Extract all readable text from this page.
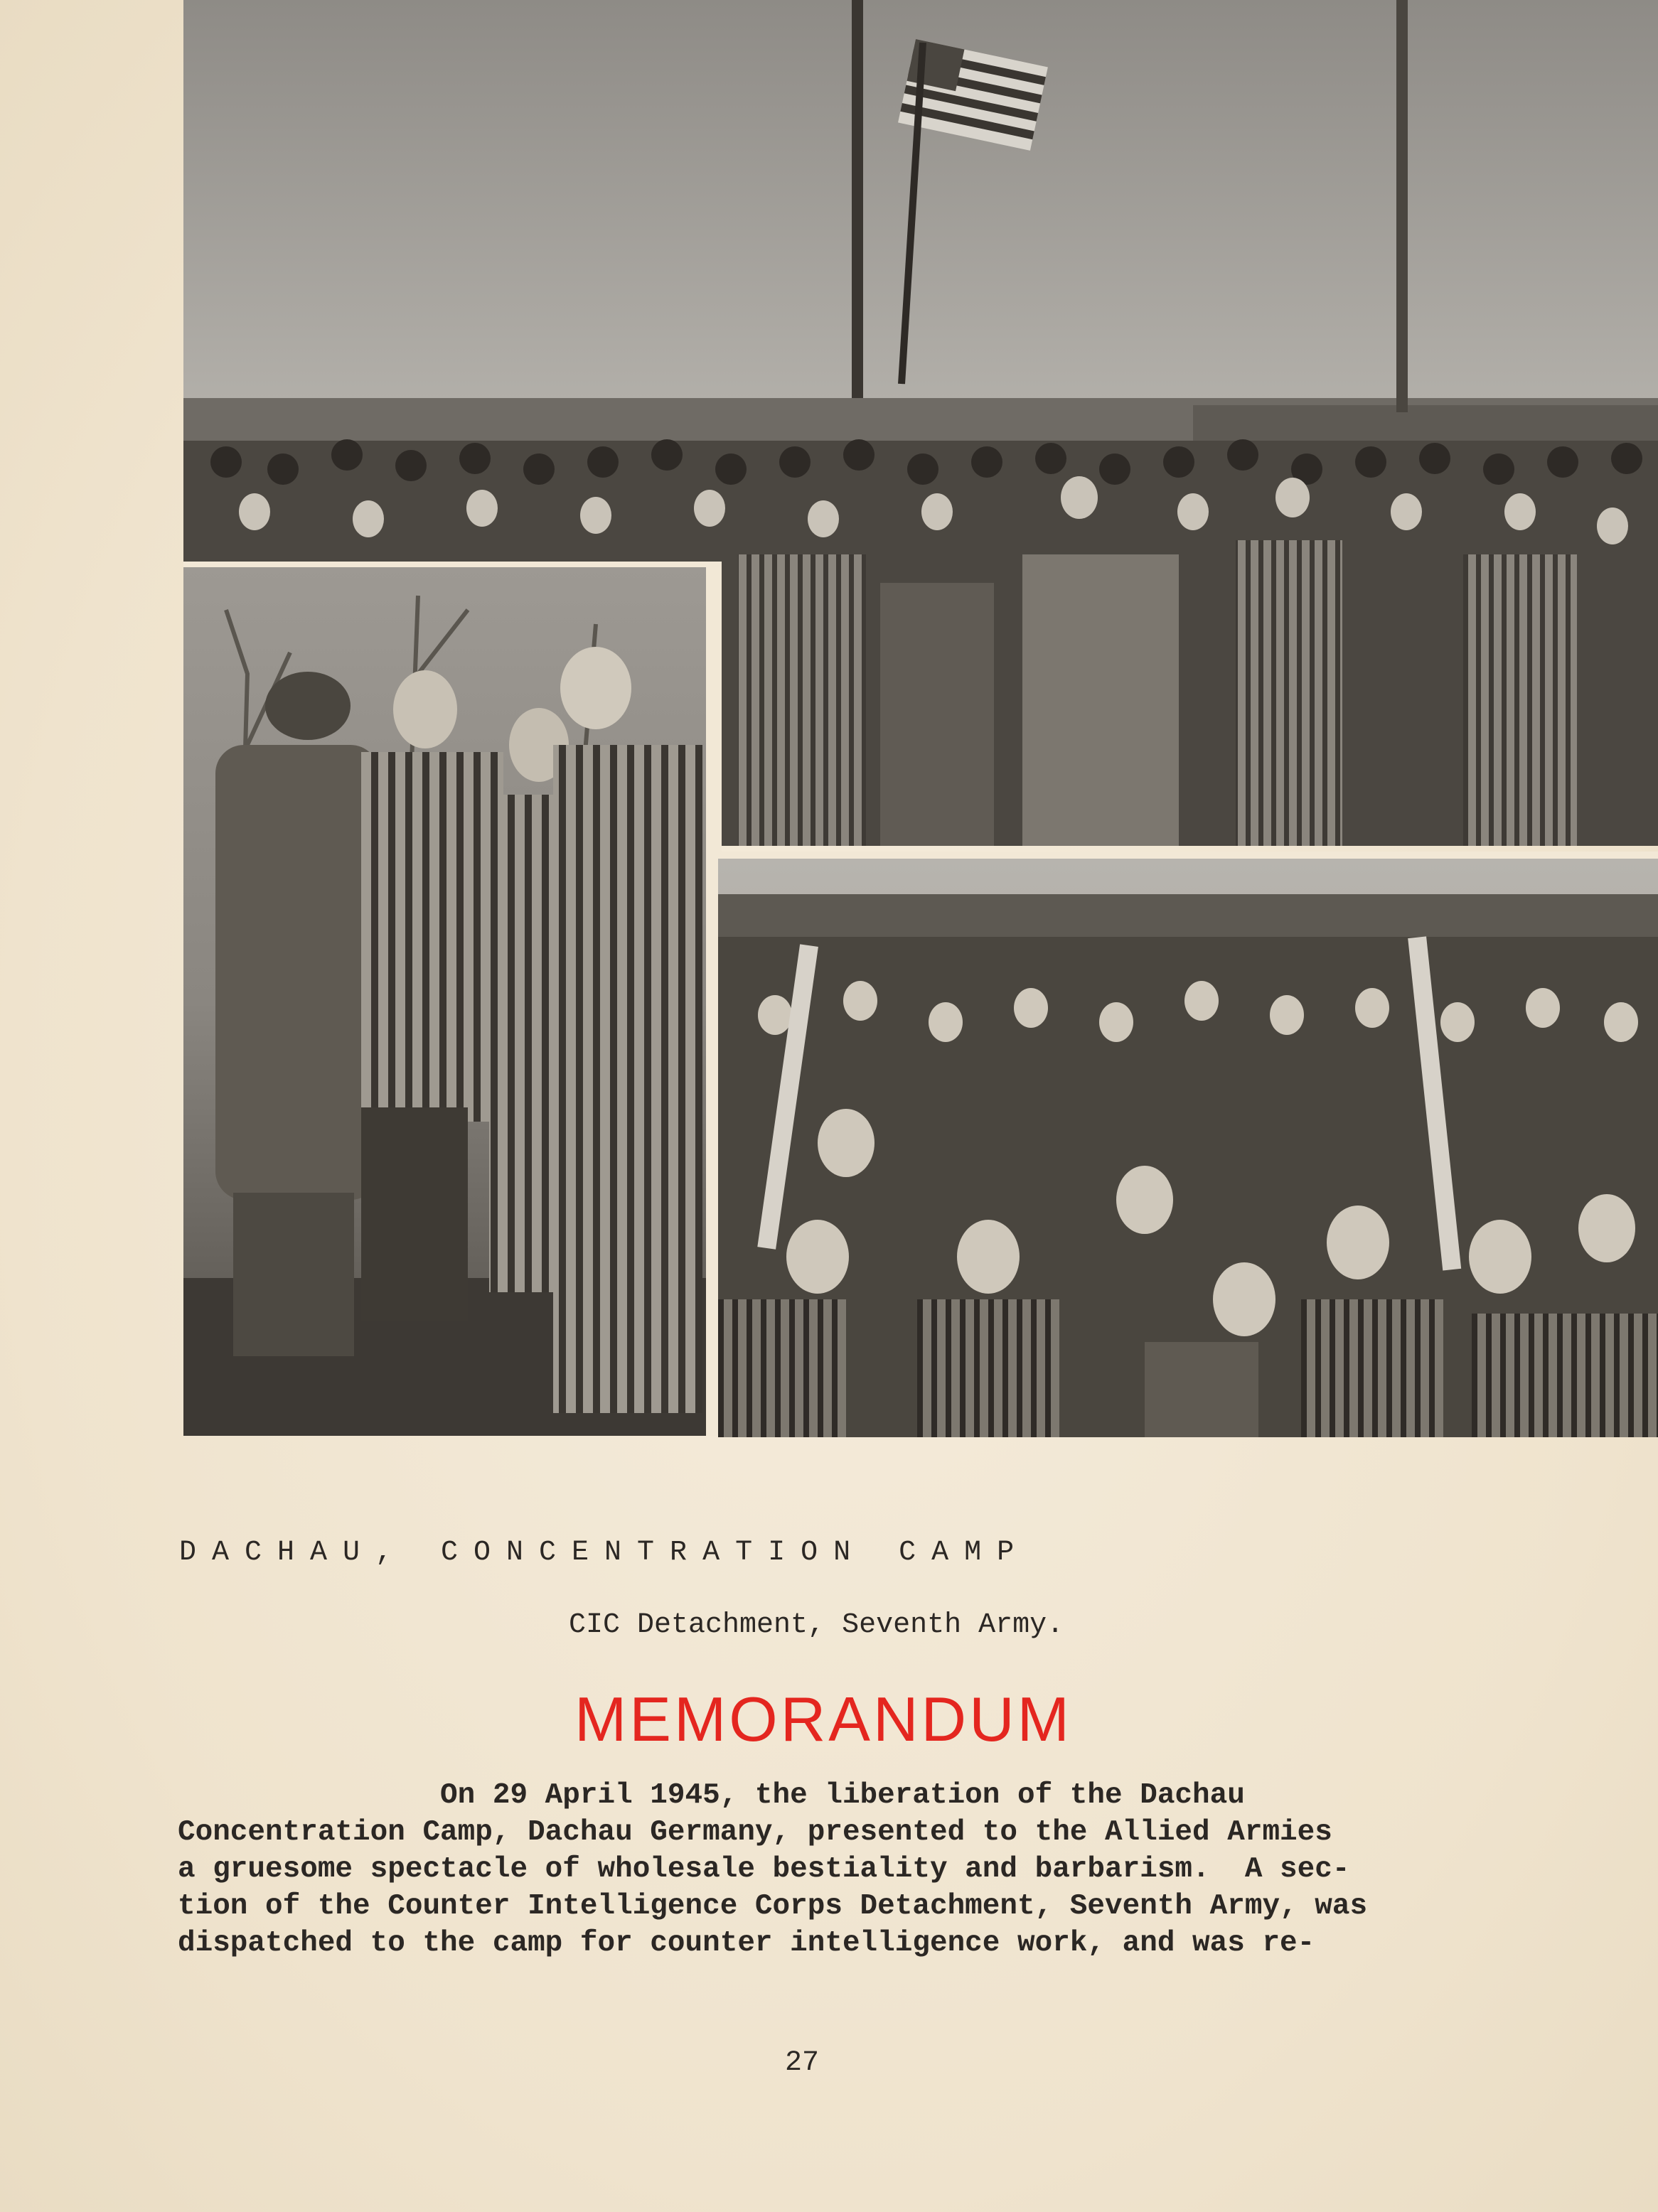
DACHAU, CONCENTRATION CAMP
CIC Detachment, Seventh Army.
MEMORANDUM
On 29 April 1945, the liberation of the Dachau
Concentration Camp, Dachau Germany, presented to the Allied Armies
a gruesome spectacle of wholesale bestiality and barbarism.  A sec-
tion of the Counter Intelligence Corps Detachment, Seventh Army, was
dispatched to the camp for counter intelligence work, and was re-
27
